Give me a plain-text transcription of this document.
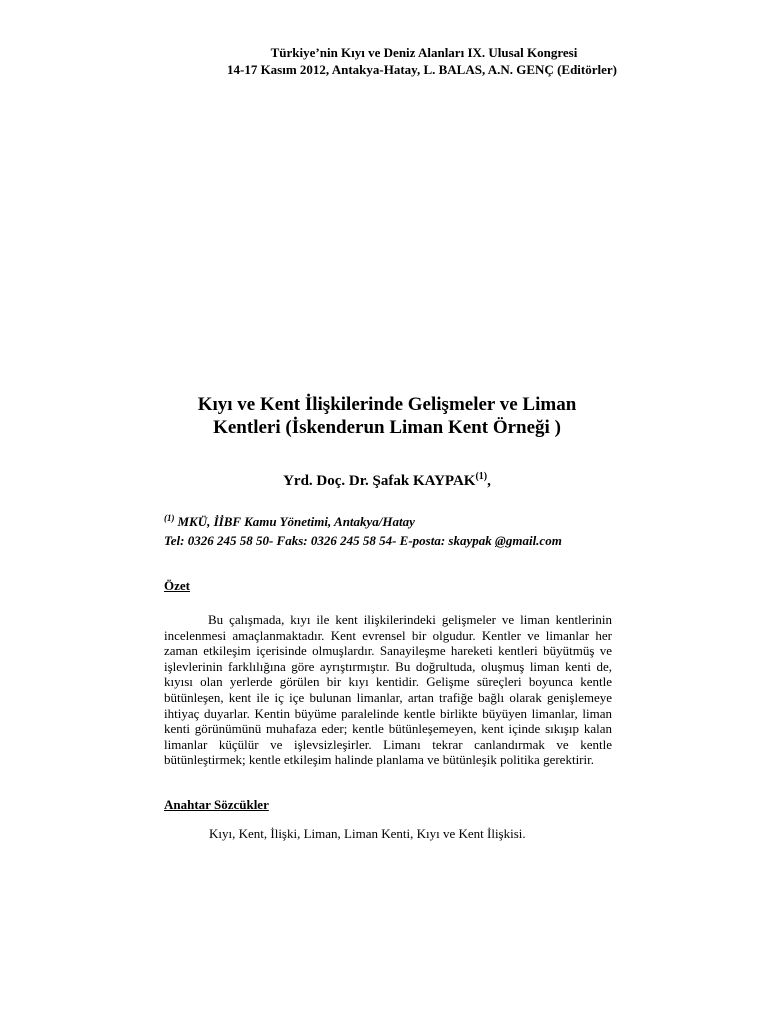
Türkiye’nin Kıyı ve Deniz Alanları IX. Ulusal Kongresi
14-17 Kasım 2012, Antakya-Hatay, L. BALAS, A.N. GENÇ (Editörler)
Kıyı ve Kent İlişkilerinde Gelişmeler ve Liman
Kentleri (İskenderun Liman Kent Örneği )
Yrd. Doç. Dr. Şafak KAYPAK$^{(1)}$,
$^{(1)}$ MKÜ, İİBF Kamu Yönetimi, Antakya/Hatay
Tel: 0326 245 58 50- Faks: 0326 245 58 54- E-posta: skaypak @gmail.com
Özet

Bu çalışmada, kıyı ile kent ilişkilerindeki gelişmeler ve liman kentlerinin incelenmesi amaçlanmaktadır. Kent evrensel bir olgudur. Kentler ve limanlar her zaman etkileşim içerisinde olmuşlardır. Sanayileşme hareketi kentleri büyütmüş ve işlevlerinin farklılığına göre ayrıştırmıştır. Bu doğrultuda, oluşmuş liman kenti de, kıyısı olan yerlerde görülen bir kıyı kentidir. Gelişme süreçleri boyunca kentle bütünleşen, kent ile iç içe bulunan limanlar, artan trafiğe bağlı olarak genişlemeye ihtiyaç duyarlar. Kentin büyüme paralelinde kentle birlikte büyüyen limanlar, liman kenti görünümünü muhafaza eder; kentle bütünleşemeyen, kent içinde sıkışıp kalan limanlar küçülür ve işlevsizleşirler. Limanı tekrar canlandırmak ve kentle bütünleştirmek; kentle etkileşim halinde planlama ve bütünleşik politika gerektirir.

Anahtar Sözcükler
Kıyı, Kent, İlişki, Liman, Liman Kenti, Kıyı ve Kent İlişkisi.
